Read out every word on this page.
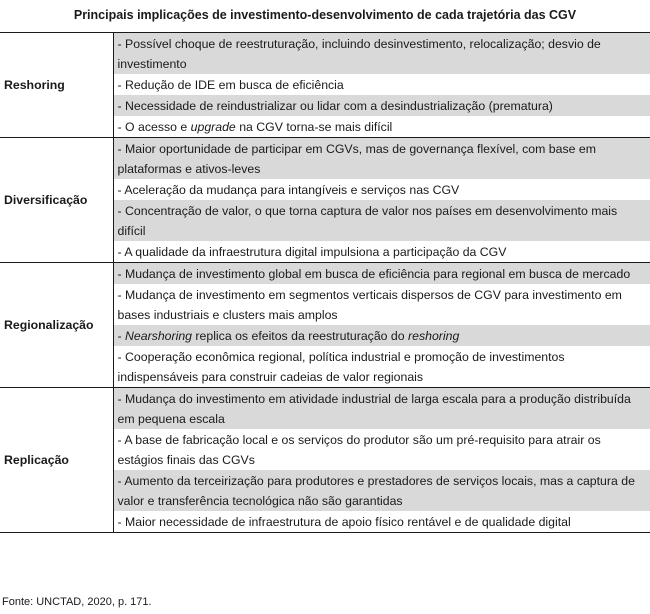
Principais implicações de investimento-desenvolvimento de cada trajetória das CGV
Reshoring	- Possível choque de reestruturação, incluindo desinvestimento, relocalização; desvio de investimento
	- Redução de IDE em busca de eficiência
	- Necessidade de reindustrializar ou lidar com a desindustrialização (prematura)
	- O acesso e upgrade na CGV torna-se mais difícil
Diversificação	- Maior oportunidade de participar em CGVs, mas de governança flexível, com base em plataformas e ativos-leves
	- Aceleração da mudança para intangíveis e serviços nas CGV
	- Concentração de valor, o que torna captura de valor nos países em desenvolvimento mais difícil
	- A qualidade da infraestrutura digital impulsiona a participação da CGV
Regionalização	- Mudança de investimento global em busca de eficiência para regional em busca de mercado
	- Mudança de investimento em segmentos verticais dispersos de CGV para investimento em bases industriais e clusters mais amplos
	- Nearshoring replica os efeitos da reestruturação do reshoring
	- Cooperação econômica regional, política industrial e promoção de investimentos indispensáveis para construir cadeias de valor regionais
Replicação	- Mudança do investimento em atividade industrial de larga escala para a produção distribuída em pequena escala
	- A base de fabricação local e os serviços do produtor são um pré-requisito para atrair os estágios finais das CGVs
	- Aumento da terceirização para produtores e prestadores de serviços locais, mas a captura de valor e transferência tecnológica não são garantidas
	- Maior necessidade de infraestrutura de apoio físico rentável e de qualidade digital
Fonte: UNCTAD, 2020, p. 171.
